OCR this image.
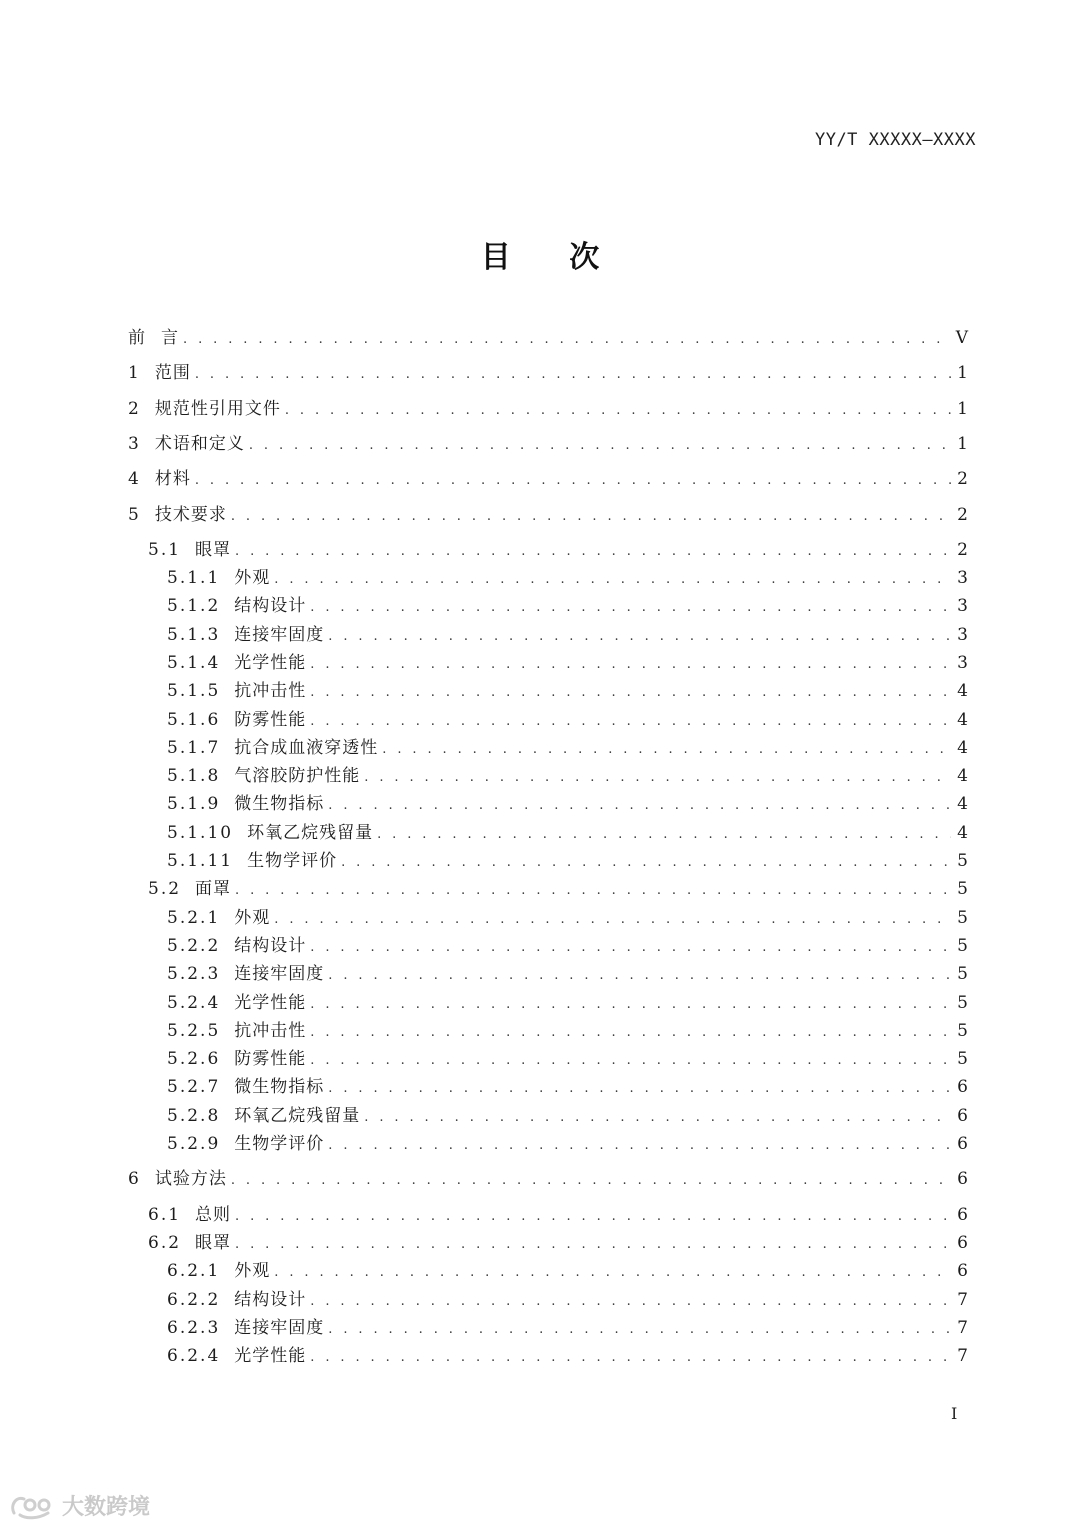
YY/T XXXXX—XXXX
目 次
前 言 . . .	V
1 范围 . . .	1
2 规范性引用文件 . . .	1
3 术语和定义 . . .	1
4 材料 . . .	2
5 技术要求 . . .	2
5.1 眼罩 . . .	2
5.1.1 外观 . . .	3
5.1.2 结构设计 . . .	3
5.1.3 连接牢固度 . . .	3
5.1.4 光学性能 . . .	3
5.1.5 抗冲击性 . . .	4
5.1.6 防雾性能 . . .	4
5.1.7 抗合成血液穿透性 . . .	4
5.1.8 气溶胶防护性能 . . .	4
5.1.9 微生物指标 . . .	4
5.1.10 环氧乙烷残留量 . . .	4
5.1.11 生物学评价 . . .	5
5.2 面罩 . . .	5
5.2.1 外观 . . .	5
5.2.2 结构设计 . . .	5
5.2.3 连接牢固度 . . .	5
5.2.4 光学性能 . . .	5
5.2.5 抗冲击性 . . .	5
5.2.6 防雾性能 . . .	5
5.2.7 微生物指标 . . .	6
5.2.8 环氧乙烷残留量 . . .	6
5.2.9 生物学评价 . . .	6
6 试验方法 . . .	6
6.1 总则 . . .	6
6.2 眼罩 . . .	6
6.2.1 外观 . . .	6
6.2.2 结构设计 . . .	7
6.2.3 连接牢固度 . . .	7
6.2.4 光学性能 . . .	7
I
大数跨境
